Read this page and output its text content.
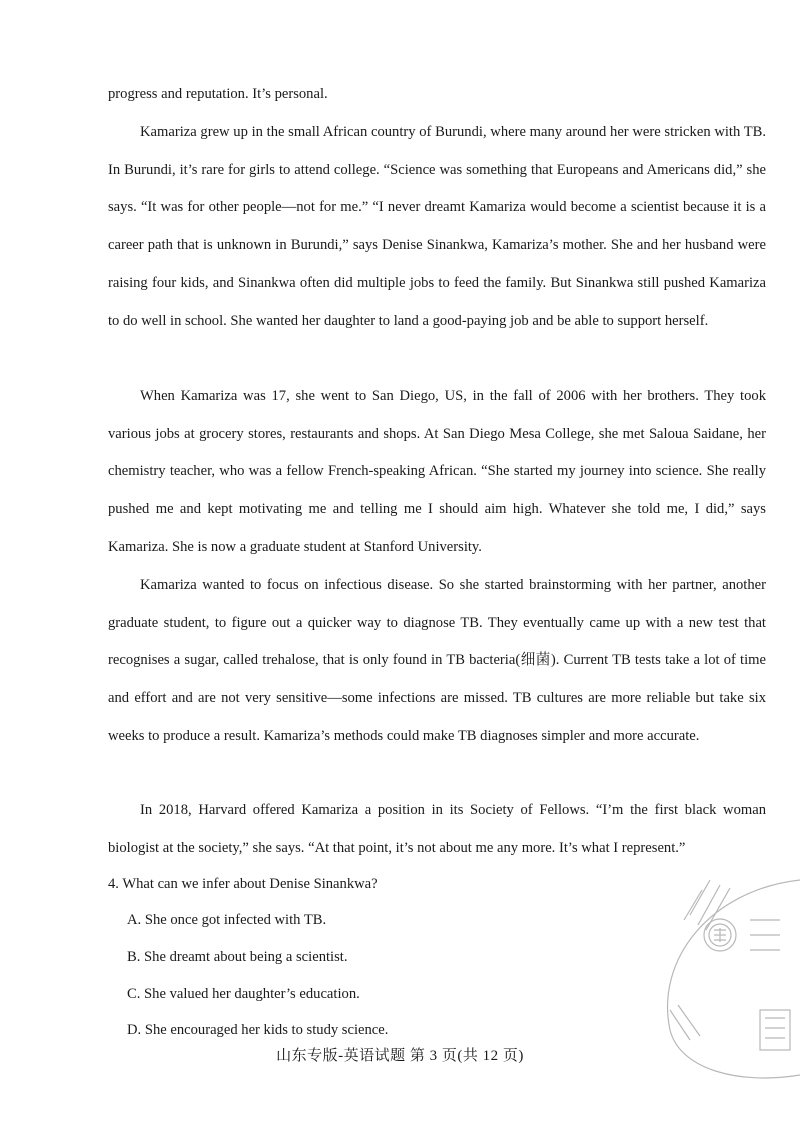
progress and reputation. It’s personal.

Kamariza grew up in the small African country of Burundi, where many around her were stricken with TB. In Burundi, it’s rare for girls to attend college. “Science was something that Europeans and Americans did,” she says. “It was for other people—not for me.” “I never dreamt Kamariza would become a scientist because it is a career path that is unknown in Burundi,” says Denise Sinankwa, Kamariza’s mother. She and her husband were raising four kids, and Sinankwa often did multiple jobs to feed the family. But Sinankwa still pushed Kamariza to do well in school. She wanted her daughter to land a good-paying job and be able to support herself.

When Kamariza was 17, she went to San Diego, US, in the fall of 2006 with her brothers. They took various jobs at grocery stores, restaurants and shops. At San Diego Mesa College, she met Saloua Saidane, her chemistry teacher, who was a fellow French-speaking African. “She started my journey into science. She really pushed me and kept motivating me and telling me I should aim high. Whatever she told me, I did,” says Kamariza. She is now a graduate student at Stanford University.

Kamariza wanted to focus on infectious disease. So she started brainstorming with her partner, another graduate student, to figure out a quicker way to diagnose TB. They eventually came up with a new test that recognises a sugar, called trehalose, that is only found in TB bacteria(细菌). Current TB tests take a lot of time and effort and are not very sensitive—some infections are missed. TB cultures are more reliable but take six weeks to produce a result. Kamariza’s methods could make TB diagnoses simpler and more accurate.

In 2018, Harvard offered Kamariza a position in its Society of Fellows. “I’m the first black woman biologist at the society,” she says. “At that point, it’s not about me any more. It’s what I represent.”

4. What can we infer about Denise Sinankwa?

A. She once got infected with TB.

B. She dreamt about being a scientist.

C. She valued her daughter’s education.

D. She encouraged her kids to study science.

山东专版-英语试题 第 3 页(共 12 页)
